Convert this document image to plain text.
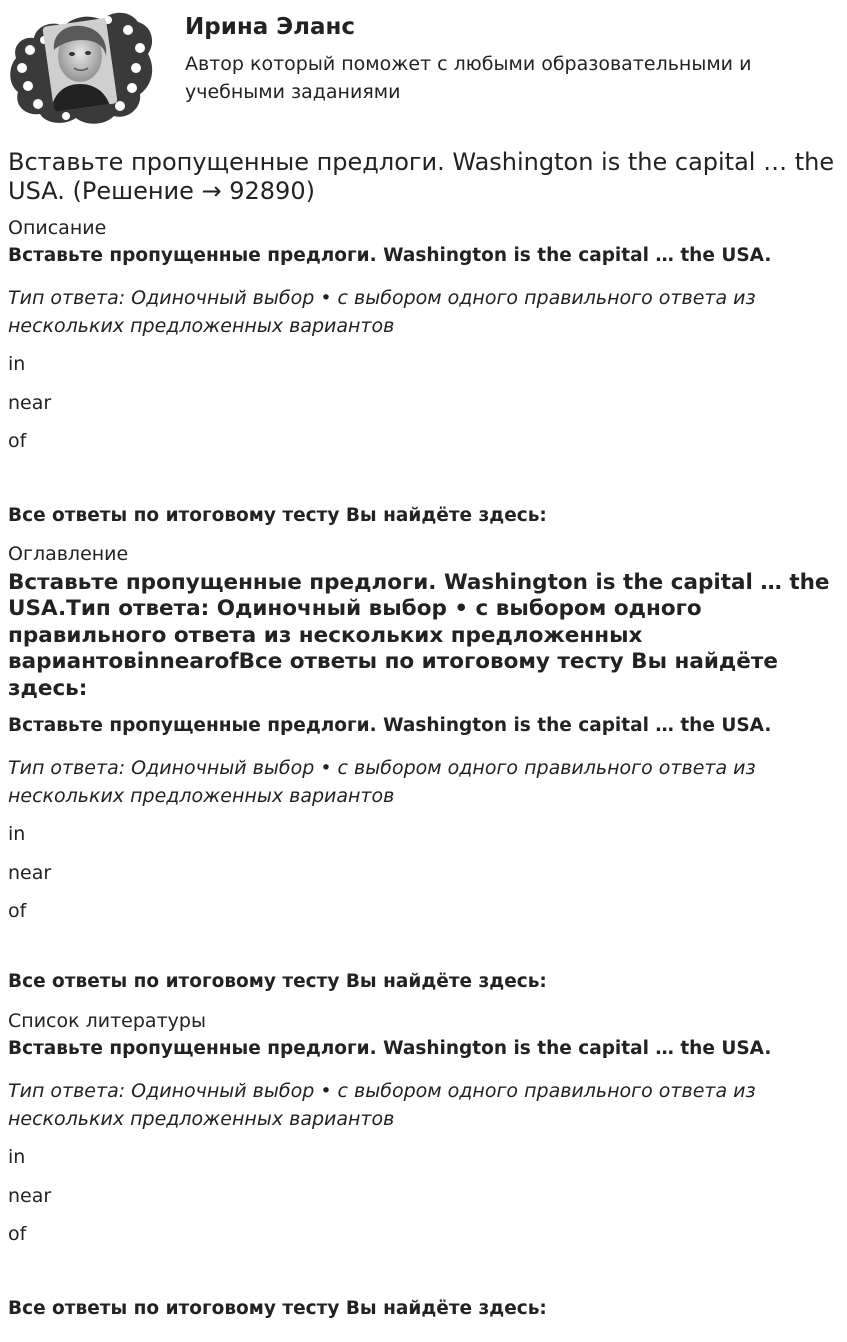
Ирина Эланс
Автор который поможет с любыми образовательными и учебными заданиями
Вставьте пропущенные предлоги. Washington is the capital … the USA. (Решение → 92890)
Описание
Вставьте пропущенные предлоги. Washington is the capital … the USA.
Тип ответа: Одиночный выбор • с выбором одного правильного ответа из нескольких предложенных вариантов
in
near
of
Все ответы по итоговому тесту Вы найдёте здесь:
Оглавление
Вставьте пропущенные предлоги. Washington is the capital … the USA.Тип ответа: Одиночный выбор • с выбором одного правильного ответа из нескольких предложенных вариантовinnearofВсе ответы по итоговому тесту Вы найдёте здесь:
Вставьте пропущенные предлоги. Washington is the capital … the USA.
Тип ответа: Одиночный выбор • с выбором одного правильного ответа из нескольких предложенных вариантов
in
near
of
Все ответы по итоговому тесту Вы найдёте здесь:
Список литературы
Вставьте пропущенные предлоги. Washington is the capital … the USA.
Тип ответа: Одиночный выбор • с выбором одного правильного ответа из нескольких предложенных вариантов
in
near
of
Все ответы по итоговому тесту Вы найдёте здесь:
